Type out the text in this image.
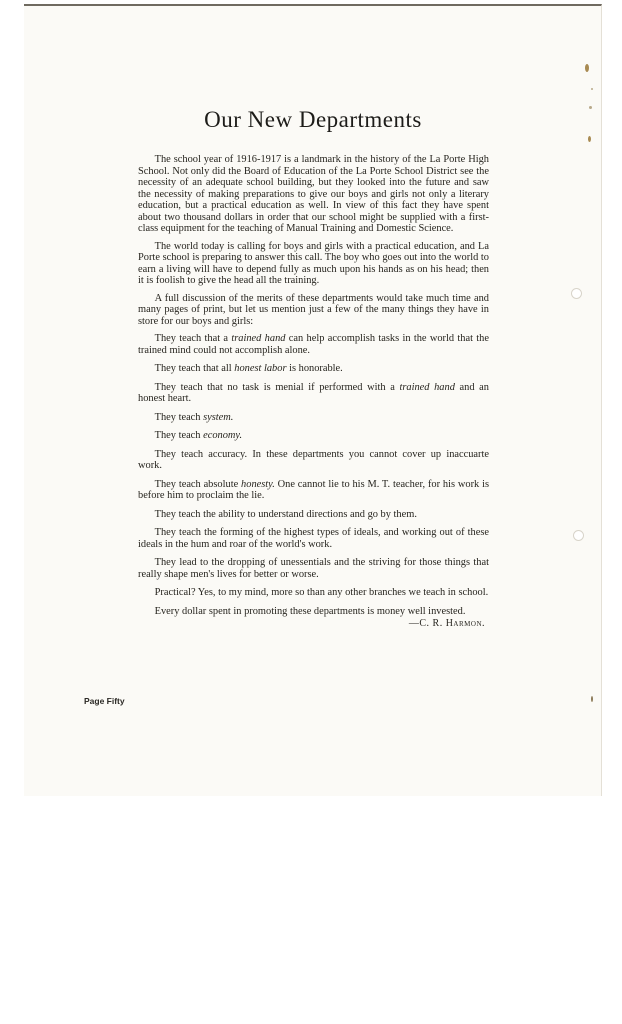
Our New Departments

The school year of 1916-1917 is a landmark in the history of the La Porte High School. Not only did the Board of Education of the La Porte School District see the necessity of an adequate school building, but they looked into the future and saw the necessity of making preparations to give our boys and girls not only a literary education, but a practical education as well. In view of this fact they have spent about two thousand dollars in order that our school might be supplied with a first-class equipment for the teaching of Manual Training and Domestic Science.

The world today is calling for boys and girls with a practical education, and La Porte school is preparing to answer this call. The boy who goes out into the world to earn a living will have to depend fully as much upon his hands as on his head; then it is foolish to give the head all the training.

A full discussion of the merits of these departments would take much time and many pages of print, but let us mention just a few of the many things they have in store for our boys and girls:

They teach that a trained hand can help accomplish tasks in the world that the trained mind could not accomplish alone.

They teach that all honest labor is honorable.

They teach that no task is menial if performed with a trained hand and an honest heart.

They teach system.

They teach economy.

They teach accuracy. In these departments you cannot cover up inaccuarte work.

They teach absolute honesty. One cannot lie to his M. T. teacher, for his work is before him to proclaim the lie.

They teach the ability to understand directions and go by them.

They teach the forming of the highest types of ideals, and working out of these ideals in the hum and roar of the world's work.

They lead to the dropping of unessentials and the striving for those things that really shape men's lives for better or worse.

Practical? Yes, to my mind, more so than any other branches we teach in school.

Every dollar spent in promoting these departments is money well invested.

—C. R. Harmon.
Page Fifty
